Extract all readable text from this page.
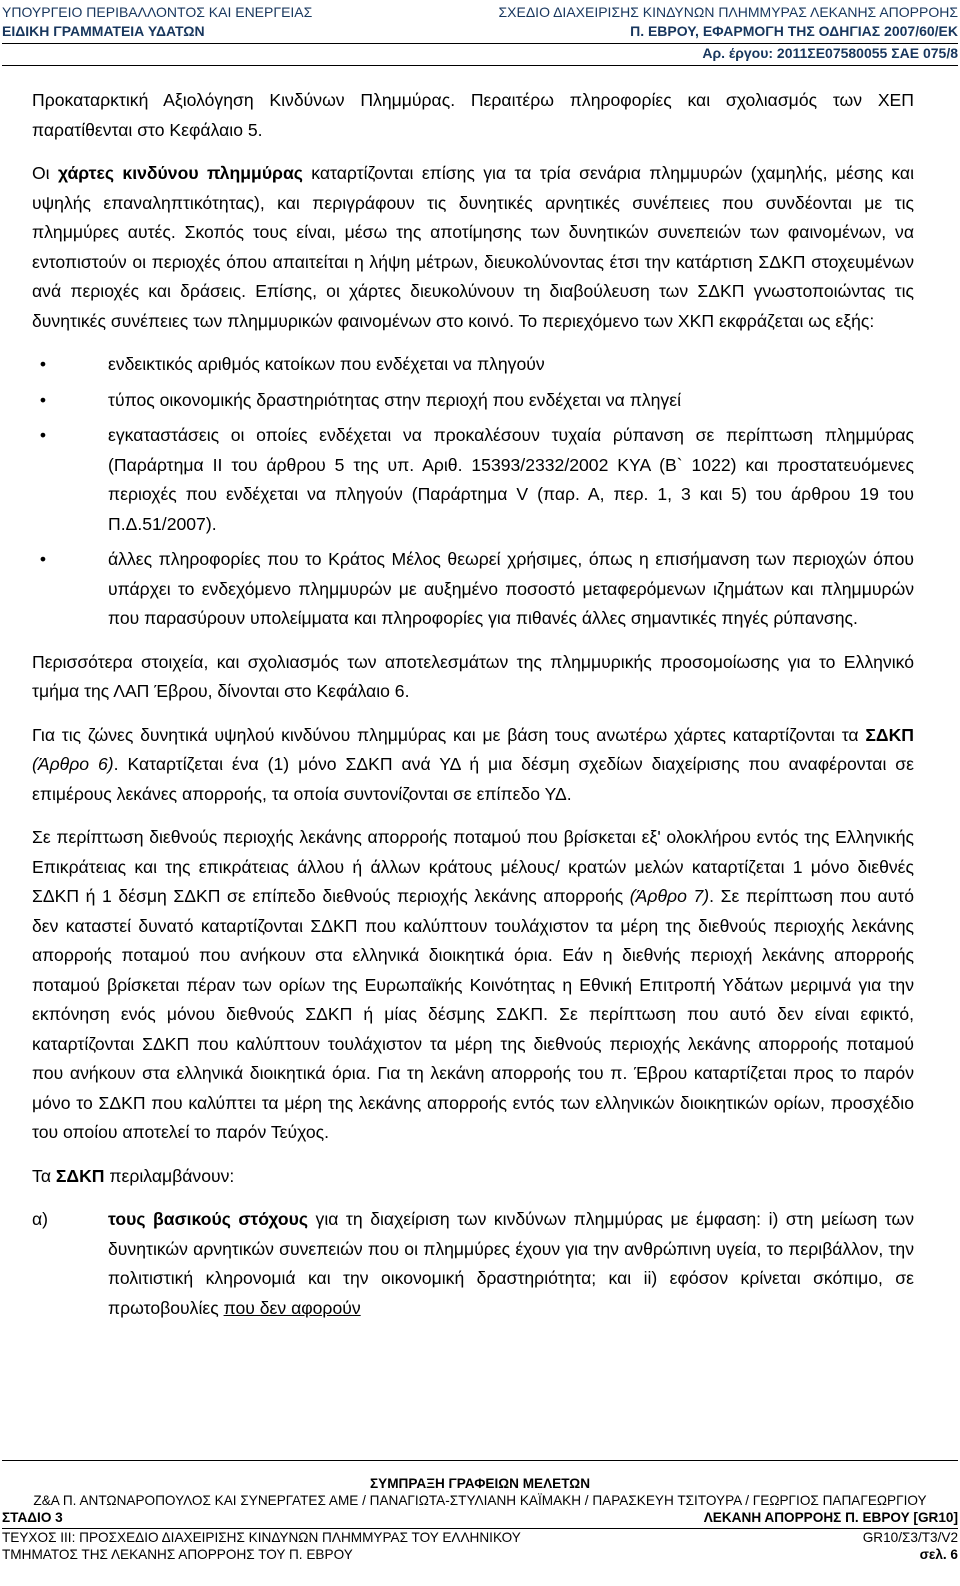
ΥΠΟΥΡΓΕΙΟ ΠΕΡΙΒΑΛΛΟΝΤΟΣ ΚΑΙ ΕΝΕΡΓΕΙΑΣ	ΣΧΕΔΙΟ ΔΙΑΧΕΙΡΙΣΗΣ ΚΙΝΔΥΝΩΝ ΠΛΗΜΜΥΡΑΣ ΛΕΚΑΝΗΣ ΑΠΟΡΡΟΗΣ
ΕΙΔΙΚΗ ΓΡΑΜΜΑΤΕΙΑ ΥΔΑΤΩΝ	Π. ΕΒΡΟΥ, ΕΦΑΡΜΟΓΗ ΤΗΣ ΟΔΗΓΙΑΣ 2007/60/ΕΚ
Αρ. έργου: 2011ΣΕ07580055 ΣΑΕ 075/8

Προκαταρκτική Αξιολόγηση Κινδύνων Πλημμύρας. Περαιτέρω πληροφορίες και σχολιασμός των ΧΕΠ παρατίθενται στο Κεφάλαιο 5.

Οι χάρτες κινδύνου πλημμύρας καταρτίζονται επίσης για τα τρία σενάρια πλημμυρών (χαμηλής, μέσης και υψηλής επαναληπτικότητας), και περιγράφουν τις δυνητικές αρνητικές συνέπειες που συνδέονται με τις πλημμύρες αυτές. Σκοπός τους είναι, μέσω της αποτίμησης των δυνητικών συνεπειών των φαινομένων, να εντοπιστούν οι περιοχές όπου απαιτείται η λήψη μέτρων, διευκολύνοντας έτσι την κατάρτιση ΣΔΚΠ στοχευμένων ανά περιοχές και δράσεις. Επίσης, οι χάρτες διευκολύνουν τη διαβούλευση των ΣΔΚΠ γνωστοποιώντας τις δυνητικές συνέπειες των πλημμυρικών φαινομένων στο κοινό. Το περιεχόμενο των ΧΚΠ εκφράζεται ως εξής:

•	ενδεικτικός αριθμός κατοίκων που ενδέχεται να πληγούν
•	τύπος οικονομικής δραστηριότητας στην περιοχή που ενδέχεται να πληγεί
•	εγκαταστάσεις οι οποίες ενδέχεται να προκαλέσουν τυχαία ρύπανση σε περίπτωση πλημμύρας (Παράρτημα ΙΙ του άρθρου 5 της υπ. Αριθ. 15393/2332/2002 ΚΥΑ (Β` 1022) και προστατευόμενες περιοχές που ενδέχεται να πληγούν (Παράρτημα V (παρ. Α, περ. 1, 3 και 5) του άρθρου 19 του Π.Δ.51/2007).
•	άλλες πληροφορίες που το Κράτος Μέλος θεωρεί χρήσιμες, όπως η επισήμανση των περιοχών όπου υπάρχει το ενδεχόμενο πλημμυρών με αυξημένο ποσοστό μεταφερόμενων ιζημάτων και πλημμυρών που παρασύρουν υπολείμματα και πληροφορίες για πιθανές άλλες σημαντικές πηγές ρύπανσης.

Περισσότερα στοιχεία, και σχολιασμός των αποτελεσμάτων της πλημμυρικής προσομοίωσης για το Ελληνικό τμήμα της ΛΑΠ Έβρου, δίνονται στο Κεφάλαιο 6.

Για τις ζώνες δυνητικά υψηλού κινδύνου πλημμύρας και με βάση τους ανωτέρω χάρτες καταρτίζονται τα ΣΔΚΠ (Άρθρο 6). Καταρτίζεται ένα (1) μόνο ΣΔΚΠ ανά ΥΔ ή μια δέσμη σχεδίων διαχείρισης που αναφέρονται σε επιμέρους λεκάνες απορροής, τα οποία συντονίζονται σε επίπεδο ΥΔ.

Σε περίπτωση διεθνούς περιοχής λεκάνης απορροής ποταμού που βρίσκεται εξ' ολοκλήρου εντός της Ελληνικής Επικράτειας και της επικράτειας άλλου ή άλλων κράτους μέλους/ κρατών μελών καταρτίζεται 1 μόνο διεθνές ΣΔΚΠ ή 1 δέσμη ΣΔΚΠ σε επίπεδο διεθνούς περιοχής λεκάνης απορροής (Άρθρο 7). Σε περίπτωση που αυτό δεν καταστεί δυνατό καταρτίζονται ΣΔΚΠ που καλύπτουν τουλάχιστον τα μέρη της διεθνούς περιοχής λεκάνης απορροής ποταμού που ανήκουν στα ελληνικά διοικητικά όρια. Εάν η διεθνής περιοχή λεκάνης απορροής ποταμού βρίσκεται πέραν των ορίων της Ευρωπαϊκής Κοινότητας η Εθνική Επιτροπή Υδάτων μεριμνά για την εκπόνηση ενός μόνου διεθνούς ΣΔΚΠ ή μίας δέσμης ΣΔΚΠ. Σε περίπτωση που αυτό δεν είναι εφικτό, καταρτίζονται ΣΔΚΠ που καλύπτουν τουλάχιστον τα μέρη της διεθνούς περιοχής λεκάνης απορροής ποταμού που ανήκουν στα ελληνικά διοικητικά όρια. Για τη λεκάνη απορροής του π. Έβρου καταρτίζεται προς το παρόν μόνο το ΣΔΚΠ που καλύπτει τα μέρη της λεκάνης απορροής εντός των ελληνικών διοικητικών ορίων, προσχέδιο του οποίου αποτελεί το παρόν Τεύχος.

Τα ΣΔΚΠ περιλαμβάνουν:

α)	τους βασικούς στόχους για τη διαχείριση των κινδύνων πλημμύρας με έμφαση: i) στη μείωση των δυνητικών αρνητικών συνεπειών που οι πλημμύρες έχουν για την ανθρώπινη υγεία, το περιβάλλον, την πολιτιστική κληρονομιά και την οικονομική δραστηριότητα; και ii) εφόσον κρίνεται σκόπιμο, σε πρωτοβουλίες που δεν αφορούν
ΣΥΜΠΡΑΞΗ ΓΡΑΦΕΙΩΝ ΜΕΛΕΤΩΝ
Ζ&Α Π. ΑΝΤΩΝΑΡΟΠΟΥΛΟΣ ΚΑΙ ΣΥΝΕΡΓΑΤΕΣ ΑΜΕ / ΠΑΝΑΓΙΩΤΑ-ΣΤΥΛΙΑΝΗ ΚΑΪΜΑΚΗ / ΠΑΡΑΣΚΕΥΗ ΤΣΙΤΟΥΡΑ / ΓΕΩΡΓΙΟΣ ΠΑΠΑΓΕΩΡΓΙΟΥ
ΣΤΑΔΙΟ 3	ΛΕΚΑΝΗ ΑΠΟΡΡΟΗΣ Π. ΕΒΡΟΥ [GR10]
ΤΕΥΧΟΣ ΙΙΙ: ΠΡΟΣΧΕΔΙΟ ΔΙΑΧΕΙΡΙΣΗΣ ΚΙΝΔΥΝΩΝ ΠΛΗΜΜΥΡΑΣ ΤΟΥ ΕΛΛΗΝΙΚΟΥ	GR10/Σ3/Τ3/V2
ΤΜΗΜΑΤΟΣ ΤΗΣ ΛΕΚΑΝΗΣ ΑΠΟΡΡΟΗΣ ΤΟΥ Π. ΕΒΡΟΥ	σελ. 6
